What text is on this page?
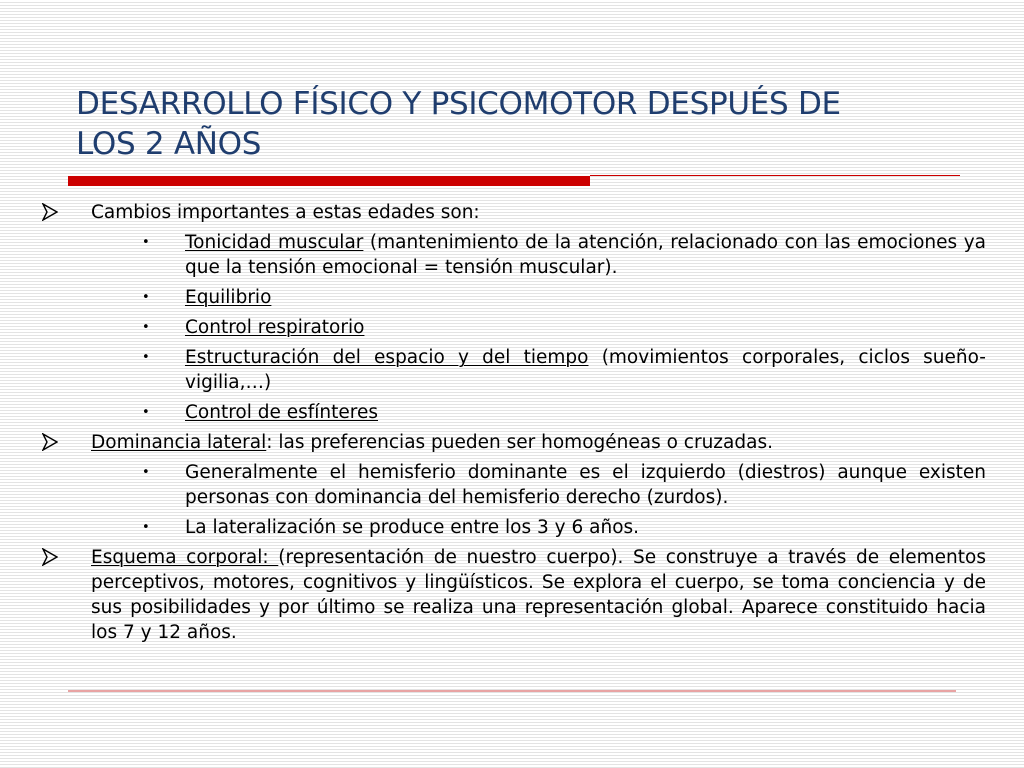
DESARROLLO FÍSICO Y PSICOMOTOR DESPUÉS DE
LOS 2 AÑOS
Cambios importantes a estas edades son:
• Tonicidad muscular (mantenimiento de la atención, relacionado con las emociones ya que la tensión emocional = tensión muscular).
• Equilibrio
• Control respiratorio
• Estructuración del espacio y del tiempo (movimientos corporales, ciclos sueño-vigilia,…)
• Control de esfínteres
Dominancia lateral: las preferencias pueden ser homogéneas o cruzadas.
• Generalmente el hemisferio dominante es el izquierdo (diestros) aunque existen personas con dominancia del hemisferio derecho (zurdos).
• La lateralización se produce entre los 3 y 6 años.
Esquema corporal: (representación de nuestro cuerpo). Se construye a través de elementos perceptivos, motores, cognitivos y lingüísticos. Se explora el cuerpo, se toma conciencia y de sus posibilidades y por último se realiza una representación global. Aparece constituido hacia los 7 y 12 años.
